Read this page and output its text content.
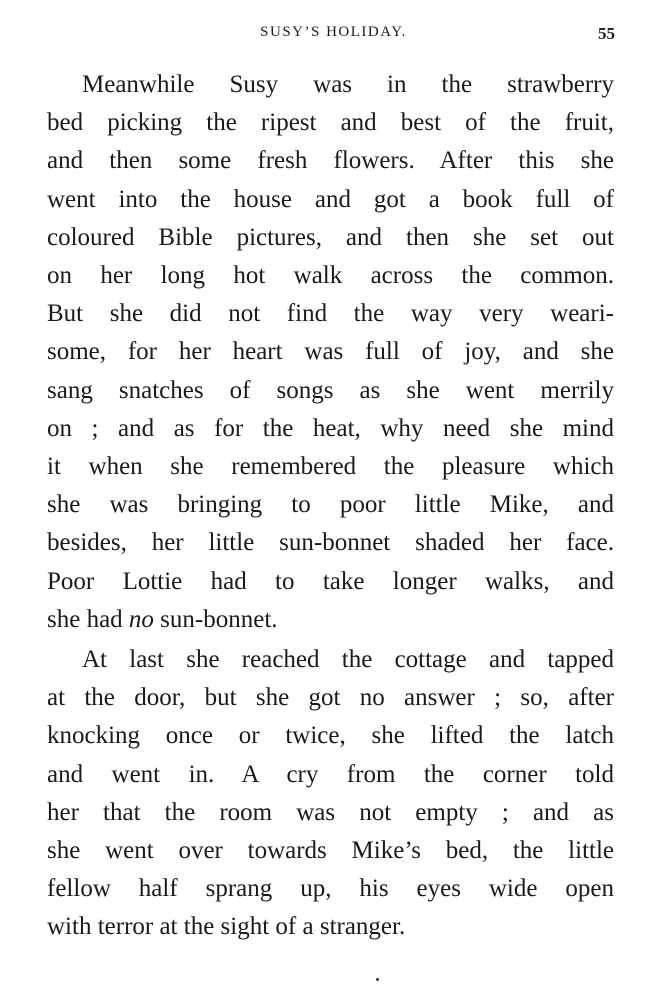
SUSY’S HOLIDAY.	55
Meanwhile Susy was in the strawberry
bed picking the ripest and best of the fruit,
and then some fresh flowers. After this she
went into the house and got a book full of
coloured Bible pictures, and then she set out
on her long hot walk across the common.
But she did not find the way very weari-
some, for her heart was full of joy, and she
sang snatches of songs as she went merrily
on ; and as for the heat, why need she mind
it when she remembered the pleasure which
she was bringing to poor little Mike, and
besides, her little sun-bonnet shaded her face.
Poor Lottie had to take longer walks, and
she had no sun-bonnet.
At last she reached the cottage and tapped
at the door, but she got no answer ; so, after
knocking once or twice, she lifted the latch
and went in. A cry from the corner told
her that the room was not empty ; and as
she went over towards Mike’s bed, the little
fellow half sprang up, his eyes wide open
with terror at the sight of a stranger.
